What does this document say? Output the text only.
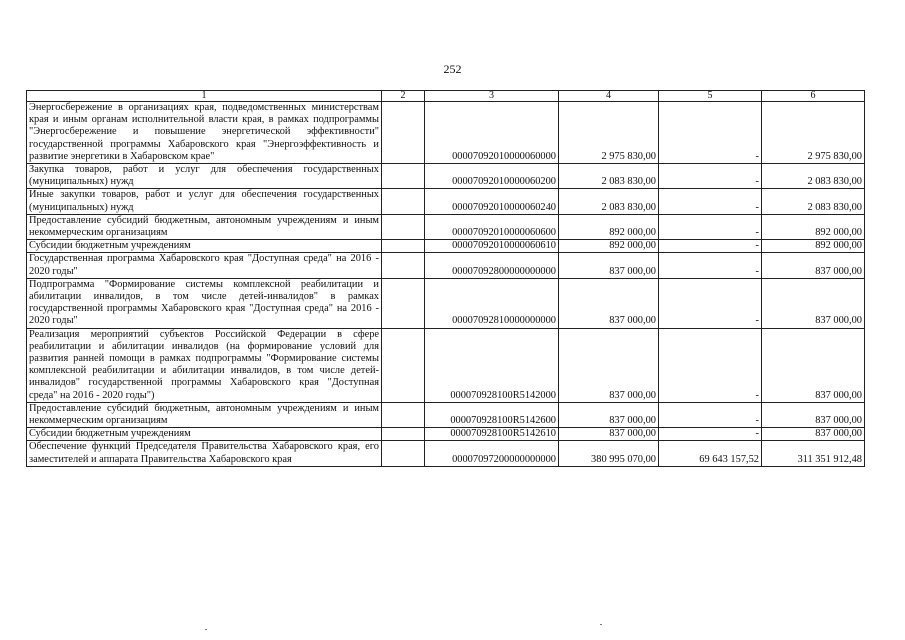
252
1	2	3	4	5	6
Энергосбережение в организациях края, подведомственных министерствам края и иным органам исполнительной власти края, в рамках подпрограммы "Энергосбережение и повышение энергетической эффективности" государственной программы Хабаровского края "Энергоэффективность и развитие энергетики в Хабаровском крае"		00007092010000060000	2 975 830,00	-	2 975 830,00
Закупка товаров, работ и услуг для обеспечения государственных (муниципальных) нужд		00007092010000060200	2 083 830,00	-	2 083 830,00
Иные закупки товаров, работ и услуг для обеспечения государственных (муниципальных) нужд		00007092010000060240	2 083 830,00	-	2 083 830,00
Предоставление субсидий бюджетным, автономным учреждениям и иным некоммерческим организациям		00007092010000060600	892 000,00	-	892 000,00
Субсидии бюджетным учреждениям		00007092010000060610	892 000,00	-	892 000,00
Государственная программа Хабаровского края "Доступная среда" на 2016 - 2020 годы"		00007092800000000000	837 000,00	-	837 000,00
Подпрограмма "Формирование системы комплексной реабилитации и абилитации инвалидов, в том числе детей-инвалидов" в рамках государственной программы Хабаровского края "Доступная среда" на 2016 - 2020 годы"		00007092810000000000	837 000,00	-	837 000,00
Реализация мероприятий субъектов Российской Федерации в сфере реабилитации и абилитации инвалидов (на формирование условий для развития ранней помощи в рамках подпрограммы "Формирование системы комплексной реабилитации и абилитации инвалидов, в том числе детей-инвалидов" государственной программы Хабаровского края "Доступная среда" на 2016 - 2020 годы")		000070928100R5142000	837 000,00	-	837 000,00
Предоставление субсидий бюджетным, автономным учреждениям и иным некоммерческим организациям		000070928100R5142600	837 000,00	-	837 000,00
Субсидии бюджетным учреждениям		000070928100R5142610	837 000,00	-	837 000,00
Обеспечение функций Председателя Правительства Хабаровского края, его заместителей и аппарата Правительства Хабаровского края		00007097200000000000	380 995 070,00	69 643 157,52	311 351 912,48
